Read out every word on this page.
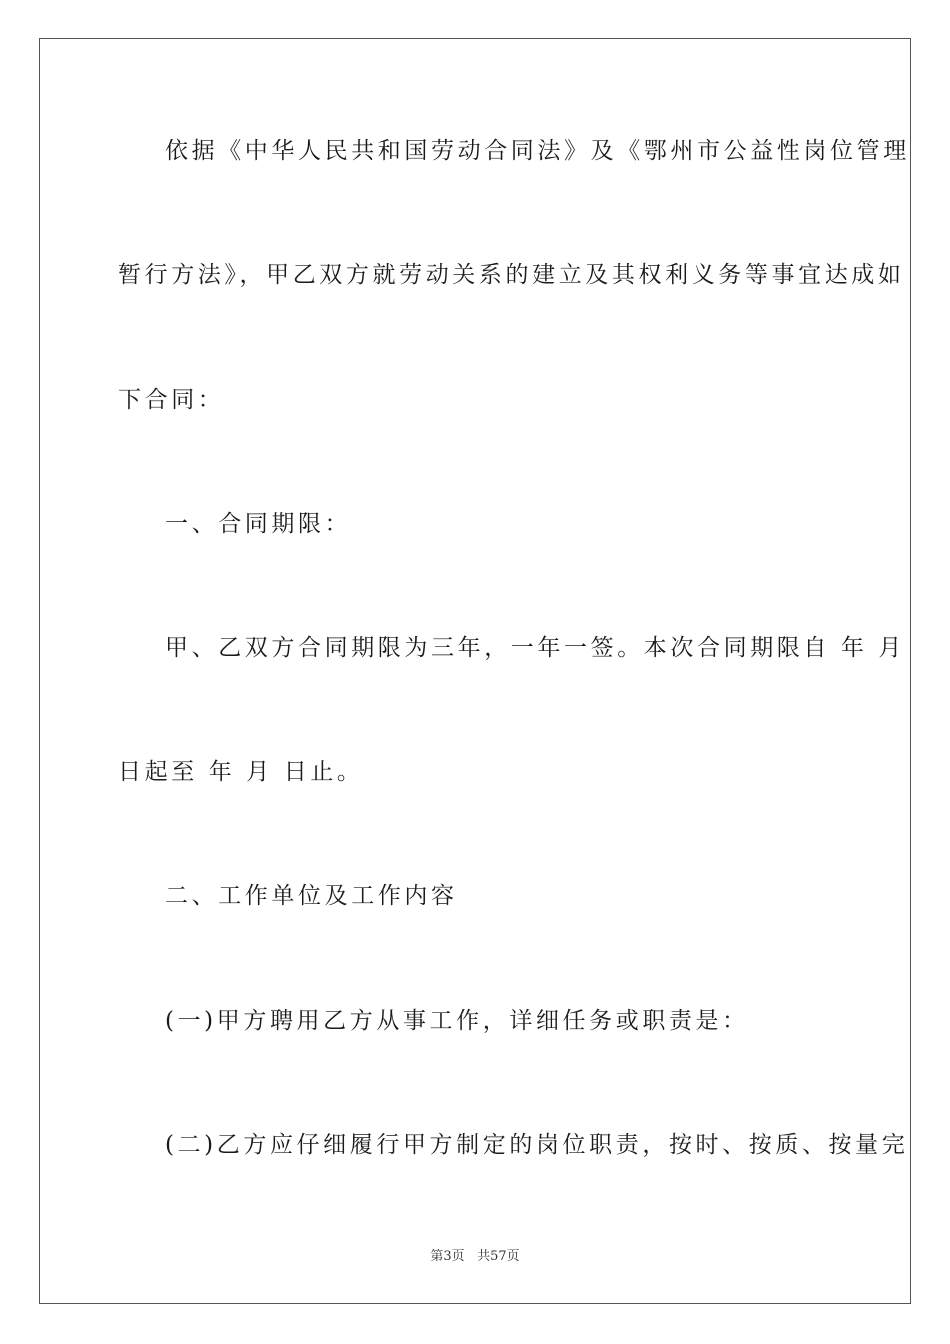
依据《中华人民共和国劳动合同法》及《鄂州市公益性岗位管理
暂行方法》，甲乙双方就劳动关系的建立及其权利义务等事宜达成如
下合同：
一、合同期限：
甲、乙双方合同期限为三年，一年一签。本次合同期限自 年 月
日起至 年 月 日止。
二、工作单位及工作内容
(一)甲方聘用乙方从事工作，详细任务或职责是：
(二)乙方应仔细履行甲方制定的岗位职责，按时、按质、按量完
第3页 共57页
